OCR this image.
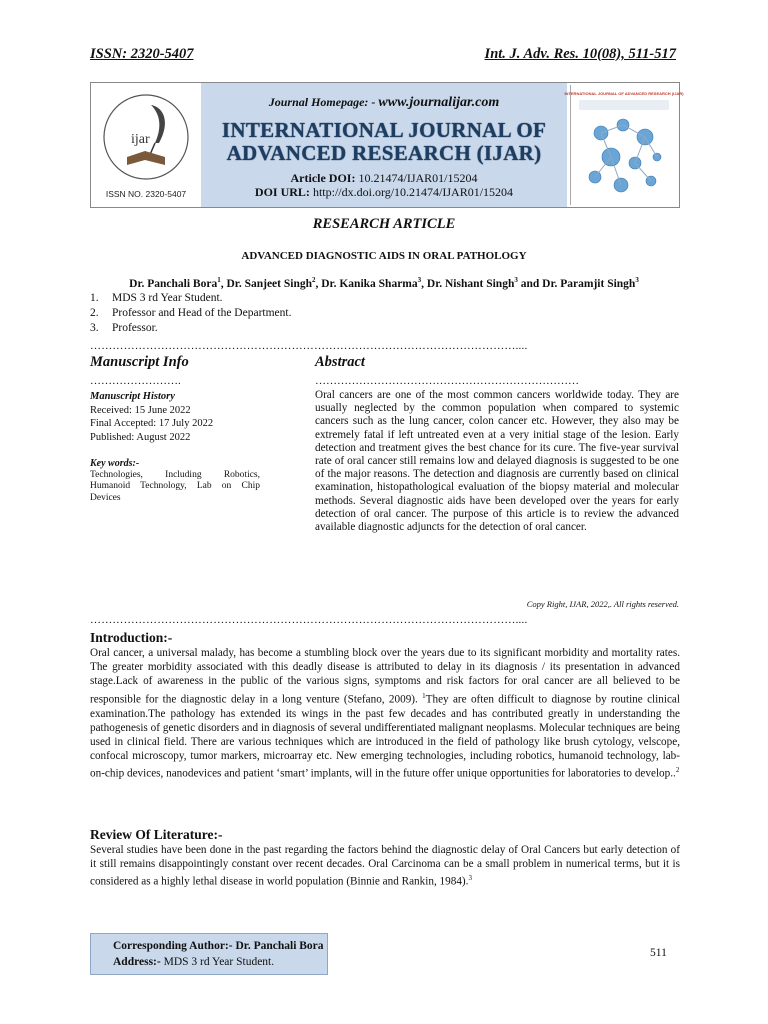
ISSN: 2320-5407	Int. J. Adv. Res. 10(08), 511-517
ijar
ISSN NO. 2320-5407
Journal Homepage: - www.journalijar.com
INTERNATIONAL JOURNAL OF
ADVANCED RESEARCH (IJAR)
Article DOI: 10.21474/IJAR01/15204
DOI URL: http://dx.doi.org/10.21474/IJAR01/15204
INTERNATIONAL JOURNAL OF ADVANCED RESEARCH (IJAR)
RESEARCH ARTICLE
ADVANCED DIAGNOSTIC AIDS IN ORAL PATHOLOGY
Dr. Panchali Bora$^1$, Dr. Sanjeet Singh$^2$, Dr. Kanika Sharma$^3$, Dr. Nishant Singh$^3$ and Dr. Paramjit Singh$^3$
1. MDS 3 rd Year Student.
2. Professor and Head of the Department.
3. Professor.
……………………………………………………………………………………………………....
Manuscript Info	Abstract
…………………….	………………………………………………………………
Manuscript History
Received: 15 June 2022
Final Accepted: 17 July 2022
Published: August 2022
Key words:-
Technologies, Including Robotics, Humanoid Technology, Lab on Chip Devices

Oral cancers are one of the most common cancers worldwide today. They are usually neglected by the common population when compared to systemic cancers such as the lung cancer, colon cancer etc. However, they also may be extremely fatal if left untreated even at a very initial stage of the lesion. Early detection and treatment gives the best chance for its cure. The five-year survival rate of oral cancer still remains low and delayed diagnosis is suggested to be one of the major reasons. The detection and diagnosis are currently based on clinical examination, histopathological evaluation of the biopsy material and molecular methods. Several diagnostic aids have been developed over the years for early detection of oral cancer. The purpose of this article is to review the advanced available diagnostic adjuncts for the detection of oral cancer.

Copy Right, IJAR, 2022,. All rights reserved.
……………………………………………………………………………………………………....
Introduction:-

Oral cancer, a universal malady, has become a stumbling block over the years due to its significant morbidity and mortality rates. The greater morbidity associated with this deadly disease is attributed to delay in its diagnosis / its presentation in advanced stage.Lack of awareness in the public of the various signs, symptoms and risk factors for oral cancer are all believed to be responsible for the diagnostic delay in a long venture (Stefano, 2009). $^1$They are often difficult to diagnose by routine clinical examination.The pathology has extended its wings in the past few decades and has contributed greatly in understanding the pathogenesis of genetic disorders and in diagnosis of several undifferentiated malignant neoplasms. Molecular techniques are being used in clinical field. There are various techniques which are introduced in the field of pathology like brush cytology, velscope, confocal microscopy, tumor markers, microarray etc. New emerging technologies, including robotics, humanoid technology, lab-on-chip devices, nanodevices and patient ‘smart’ implants, will in the future offer unique opportunities for laboratories to develop..$^2$

Review Of Literature:-

Several studies have been done in the past regarding the factors behind the diagnostic delay of Oral Cancers but early detection of it still remains disappointingly constant over recent decades. Oral Carcinoma can be a small problem in numerical terms, but it is considered as a highly lethal disease in world population (Binnie and Rankin, 1984).$^3$

Corresponding Author:- Dr. Panchali Bora
Address:- MDS 3 rd Year Student.
511
